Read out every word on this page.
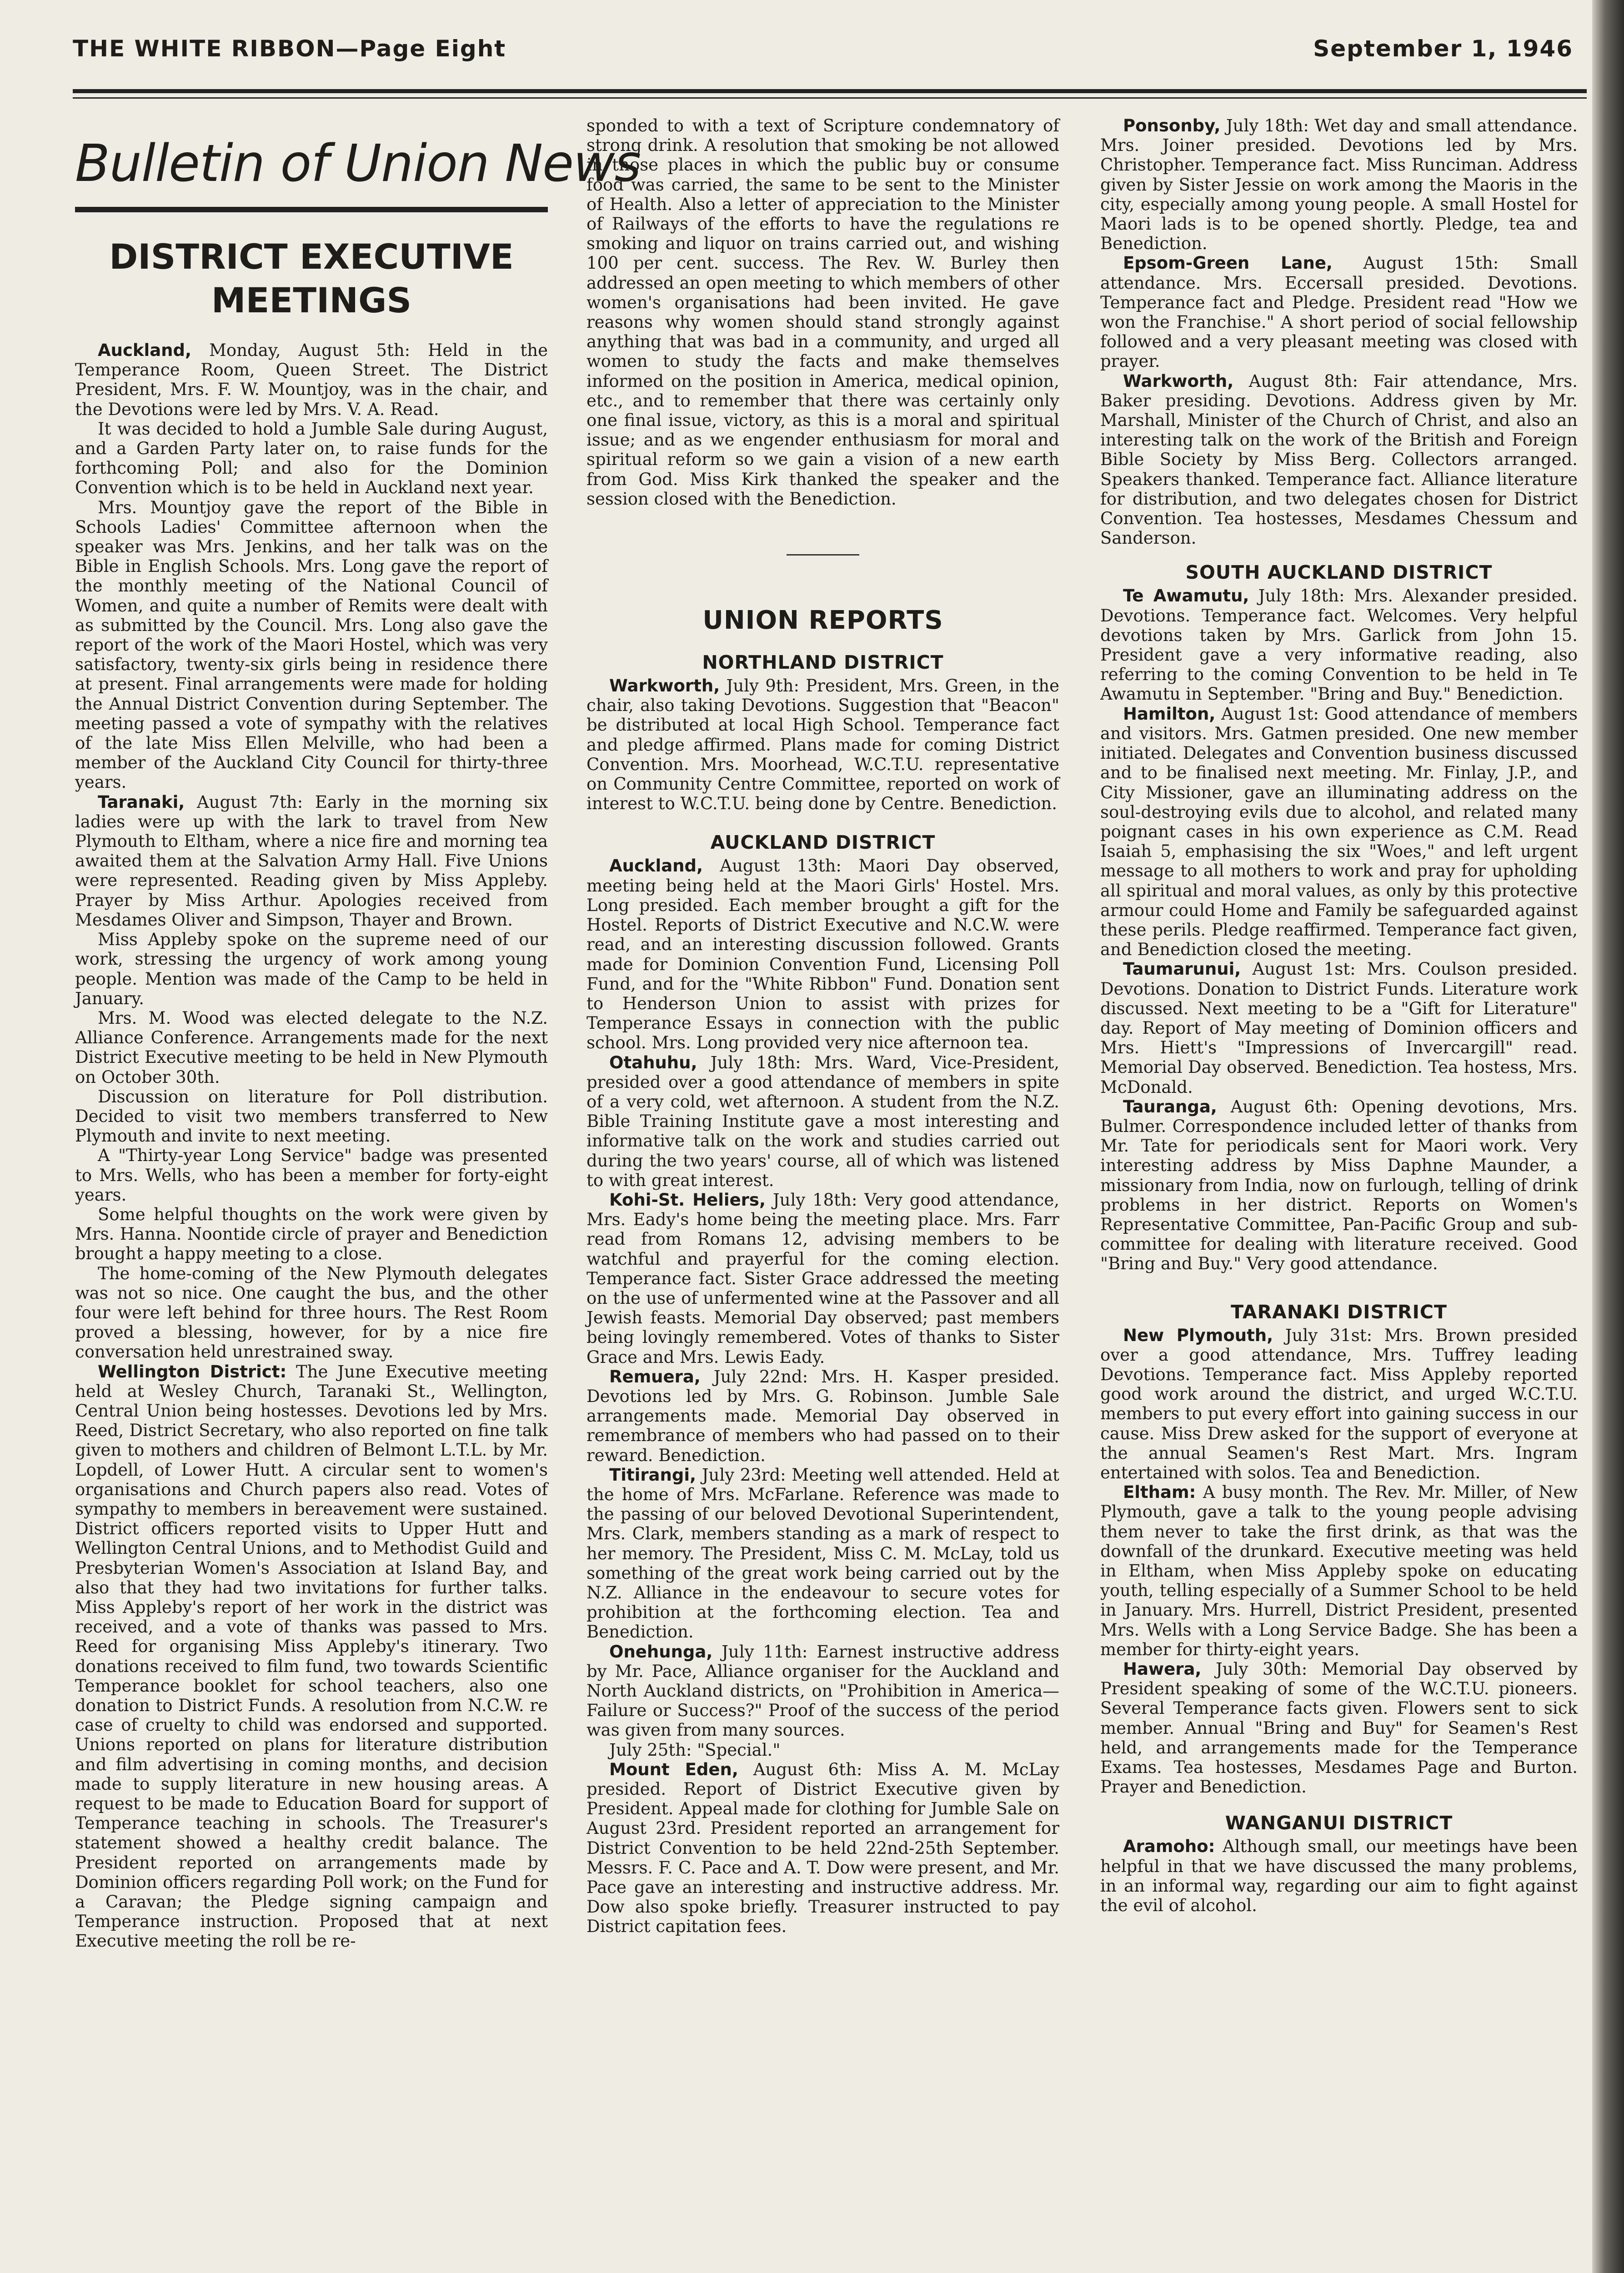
THE WHITE RIBBON—Page Eight	September 1, 1946
Bulletin of Union News
DISTRICT EXECUTIVE
MEETINGS

Auckland, Monday, August 5th: Held in the Temperance Room, Queen Street. The District President, Mrs. F. W. Mountjoy, was in the chair, and the Devotions were led by Mrs. V. A. Read.

It was decided to hold a Jumble Sale during August, and a Garden Party later on, to raise funds for the forthcoming Poll; and also for the Dominion Convention which is to be held in Auckland next year.

Mrs. Mountjoy gave the report of the Bible in Schools Ladies' Committee afternoon when the speaker was Mrs. Jenkins, and her talk was on the Bible in English Schools. Mrs. Long gave the report of the monthly meeting of the National Council of Women, and quite a number of Remits were dealt with as submitted by the Council. Mrs. Long also gave the report of the work of the Maori Hostel, which was very satisfactory, twenty-six girls being in residence there at present. Final arrangements were made for holding the Annual District Convention during September. The meeting passed a vote of sympathy with the relatives of the late Miss Ellen Melville, who had been a member of the Auckland City Council for thirty-three years.

Taranaki, August 7th: Early in the morning six ladies were up with the lark to travel from New Plymouth to Eltham, where a nice fire and morning tea awaited them at the Salvation Army Hall. Five Unions were represented. Reading given by Miss Appleby. Prayer by Miss Arthur. Apologies received from Mesdames Oliver and Simpson, Thayer and Brown.

Miss Appleby spoke on the supreme need of our work, stressing the urgency of work among young people. Mention was made of the Camp to be held in January.

Mrs. M. Wood was elected delegate to the N.Z. Alliance Conference. Arrangements made for the next District Executive meeting to be held in New Plymouth on October 30th.

Discussion on literature for Poll distribution. Decided to visit two members transferred to New Plymouth and invite to next meeting.

A "Thirty-year Long Service" badge was presented to Mrs. Wells, who has been a member for forty-eight years.

Some helpful thoughts on the work were given by Mrs. Hanna. Noontide circle of prayer and Benediction brought a happy meeting to a close.

The home-coming of the New Plymouth delegates was not so nice. One caught the bus, and the other four were left behind for three hours. The Rest Room proved a blessing, however, for by a nice fire conversation held unrestrained sway.

Wellington District: The June Executive meeting held at Wesley Church, Taranaki St., Wellington, Central Union being hostesses. Devotions led by Mrs. Reed, District Secretary, who also reported on fine talk given to mothers and children of Belmont L.T.L. by Mr. Lopdell, of Lower Hutt. A circular sent to women's organisations and Church papers also read. Votes of sympathy to members in bereavement were sustained. District officers reported visits to Upper Hutt and Wellington Central Unions, and to Methodist Guild and Presbyterian Women's Association at Island Bay, and also that they had two invitations for further talks. Miss Appleby's report of her work in the district was received, and a vote of thanks was passed to Mrs. Reed for organising Miss Appleby's itinerary. Two donations received to film fund, two towards Scientific Temperance booklet for school teachers, also one donation to District Funds. A resolution from N.C.W. re case of cruelty to child was endorsed and supported. Unions reported on plans for literature distribution and film advertising in coming months, and decision made to supply literature in new housing areas. A request to be made to Education Board for support of Temperance teaching in schools. The Treasurer's statement showed a healthy credit balance. The President reported on arrangements made by Dominion officers regarding Poll work; on the Fund for a Caravan; the Pledge signing campaign and Temperance instruction. Proposed that at next Executive meeting the roll be re-

sponded to with a text of Scripture condemnatory of strong drink. A resolution that smoking be not allowed in those places in which the public buy or consume food was carried, the same to be sent to the Minister of Health. Also a letter of appreciation to the Minister of Railways of the efforts to have the regulations re smoking and liquor on trains carried out, and wishing 100 per cent. success. The Rev. W. Burley then addressed an open meeting to which members of other women's organisations had been invited. He gave reasons why women should stand strongly against anything that was bad in a community, and urged all women to study the facts and make themselves informed on the position in America, medical opinion, etc., and to remember that there was certainly only one final issue, victory, as this is a moral and spiritual issue; and as we engender enthusiasm for moral and spiritual reform so we gain a vision of a new earth from God. Miss Kirk thanked the speaker and the session closed with the Benediction.

UNION REPORTS
NORTHLAND DISTRICT

Warkworth, July 9th: President, Mrs. Green, in the chair, also taking Devotions. Suggestion that "Beacon" be distributed at local High School. Temperance fact and pledge affirmed. Plans made for coming District Convention. Mrs. Moorhead, W.C.T.U. representative on Community Centre Committee, reported on work of interest to W.C.T.U. being done by Centre. Benediction.

AUCKLAND DISTRICT

Auckland, August 13th: Maori Day observed, meeting being held at the Maori Girls' Hostel. Mrs. Long presided. Each member brought a gift for the Hostel. Reports of District Executive and N.C.W. were read, and an interesting discussion followed. Grants made for Dominion Convention Fund, Licensing Poll Fund, and for the "White Ribbon" Fund. Donation sent to Henderson Union to assist with prizes for Temperance Essays in connection with the public school. Mrs. Long provided very nice afternoon tea.

Otahuhu, July 18th: Mrs. Ward, Vice-President, presided over a good attendance of members in spite of a very cold, wet afternoon. A student from the N.Z. Bible Training Institute gave a most interesting and informative talk on the work and studies carried out during the two years' course, all of which was listened to with great interest.

Kohi-St. Heliers, July 18th: Very good attendance, Mrs. Eady's home being the meeting place. Mrs. Farr read from Romans 12, advising members to be watchful and prayerful for the coming election. Temperance fact. Sister Grace addressed the meeting on the use of unfermented wine at the Passover and all Jewish feasts. Memorial Day observed; past members being lovingly remembered. Votes of thanks to Sister Grace and Mrs. Lewis Eady.

Remuera, July 22nd: Mrs. H. Kasper presided. Devotions led by Mrs. G. Robinson. Jumble Sale arrangements made. Memorial Day observed in remembrance of members who had passed on to their reward. Benediction.

Titirangi, July 23rd: Meeting well attended. Held at the home of Mrs. McFarlane. Reference was made to the passing of our beloved Devotional Superintendent, Mrs. Clark, members standing as a mark of respect to her memory. The President, Miss C. M. McLay, told us something of the great work being carried out by the N.Z. Alliance in the endeavour to secure votes for prohibition at the forthcoming election. Tea and Benediction.

Onehunga, July 11th: Earnest instructive address by Mr. Pace, Alliance organiser for the Auckland and North Auckland districts, on "Prohibition in America—Failure or Success?" Proof of the success of the period was given from many sources.

July 25th: "Special."

Mount Eden, August 6th: Miss A. M. McLay presided. Report of District Executive given by President. Appeal made for clothing for Jumble Sale on August 23rd. President reported an arrangement for District Convention to be held 22nd-25th September. Messrs. F. C. Pace and A. T. Dow were present, and Mr. Pace gave an interesting and instructive address. Mr. Dow also spoke briefly. Treasurer instructed to pay District capitation fees.

Ponsonby, July 18th: Wet day and small attendance. Mrs. Joiner presided. Devotions led by Mrs. Christopher. Temperance fact. Miss Runciman. Address given by Sister Jessie on work among the Maoris in the city, especially among young people. A small Hostel for Maori lads is to be opened shortly. Pledge, tea and Benediction.

Epsom-Green Lane, August 15th: Small attendance. Mrs. Eccersall presided. Devotions. Temperance fact and Pledge. President read "How we won the Franchise." A short period of social fellowship followed and a very pleasant meeting was closed with prayer.

Warkworth, August 8th: Fair attendance, Mrs. Baker presiding. Devotions. Address given by Mr. Marshall, Minister of the Church of Christ, and also an interesting talk on the work of the British and Foreign Bible Society by Miss Berg. Collectors arranged. Speakers thanked. Temperance fact. Alliance literature for distribution, and two delegates chosen for District Convention. Tea hostesses, Mesdames Chessum and Sanderson.

SOUTH AUCKLAND DISTRICT

Te Awamutu, July 18th: Mrs. Alexander presided. Devotions. Temperance fact. Welcomes. Very helpful devotions taken by Mrs. Garlick from John 15. President gave a very informative reading, also referring to the coming Convention to be held in Te Awamutu in September. "Bring and Buy." Benediction.

Hamilton, August 1st: Good attendance of members and visitors. Mrs. Gatmen presided. One new member initiated. Delegates and Convention business discussed and to be finalised next meeting. Mr. Finlay, J.P., and City Missioner, gave an illuminating address on the soul-destroying evils due to alcohol, and related many poignant cases in his own experience as C.M. Read Isaiah 5, emphasising the six "Woes," and left urgent message to all mothers to work and pray for upholding all spiritual and moral values, as only by this protective armour could Home and Family be safeguarded against these perils. Pledge reaffirmed. Temperance fact given, and Benediction closed the meeting.

Taumarunui, August 1st: Mrs. Coulson presided. Devotions. Donation to District Funds. Literature work discussed. Next meeting to be a "Gift for Literature" day. Report of May meeting of Dominion officers and Mrs. Hiett's "Impressions of Invercargill" read. Memorial Day observed. Benediction. Tea hostess, Mrs. McDonald.

Tauranga, August 6th: Opening devotions, Mrs. Bulmer. Correspondence included letter of thanks from Mr. Tate for periodicals sent for Maori work. Very interesting address by Miss Daphne Maunder, a missionary from India, now on furlough, telling of drink problems in her district. Reports on Women's Representative Committee, Pan-Pacific Group and sub-committee for dealing with literature received. Good "Bring and Buy." Very good attendance.

TARANAKI DISTRICT

New Plymouth, July 31st: Mrs. Brown presided over a good attendance, Mrs. Tuffrey leading Devotions. Temperance fact. Miss Appleby reported good work around the district, and urged W.C.T.U. members to put every effort into gaining success in our cause. Miss Drew asked for the support of everyone at the annual Seamen's Rest Mart. Mrs. Ingram entertained with solos. Tea and Benediction.

Eltham: A busy month. The Rev. Mr. Miller, of New Plymouth, gave a talk to the young people advising them never to take the first drink, as that was the downfall of the drunkard. Executive meeting was held in Eltham, when Miss Appleby spoke on educating youth, telling especially of a Summer School to be held in January. Mrs. Hurrell, District President, presented Mrs. Wells with a Long Service Badge. She has been a member for thirty-eight years.

Hawera, July 30th: Memorial Day observed by President speaking of some of the W.C.T.U. pioneers. Several Temperance facts given. Flowers sent to sick member. Annual "Bring and Buy" for Seamen's Rest held, and arrangements made for the Temperance Exams. Tea hostesses, Mesdames Page and Burton. Prayer and Benediction.

WANGANUI DISTRICT

Aramoho: Although small, our meetings have been helpful in that we have discussed the many problems, in an informal way, regarding our aim to fight against the evil of alcohol.
